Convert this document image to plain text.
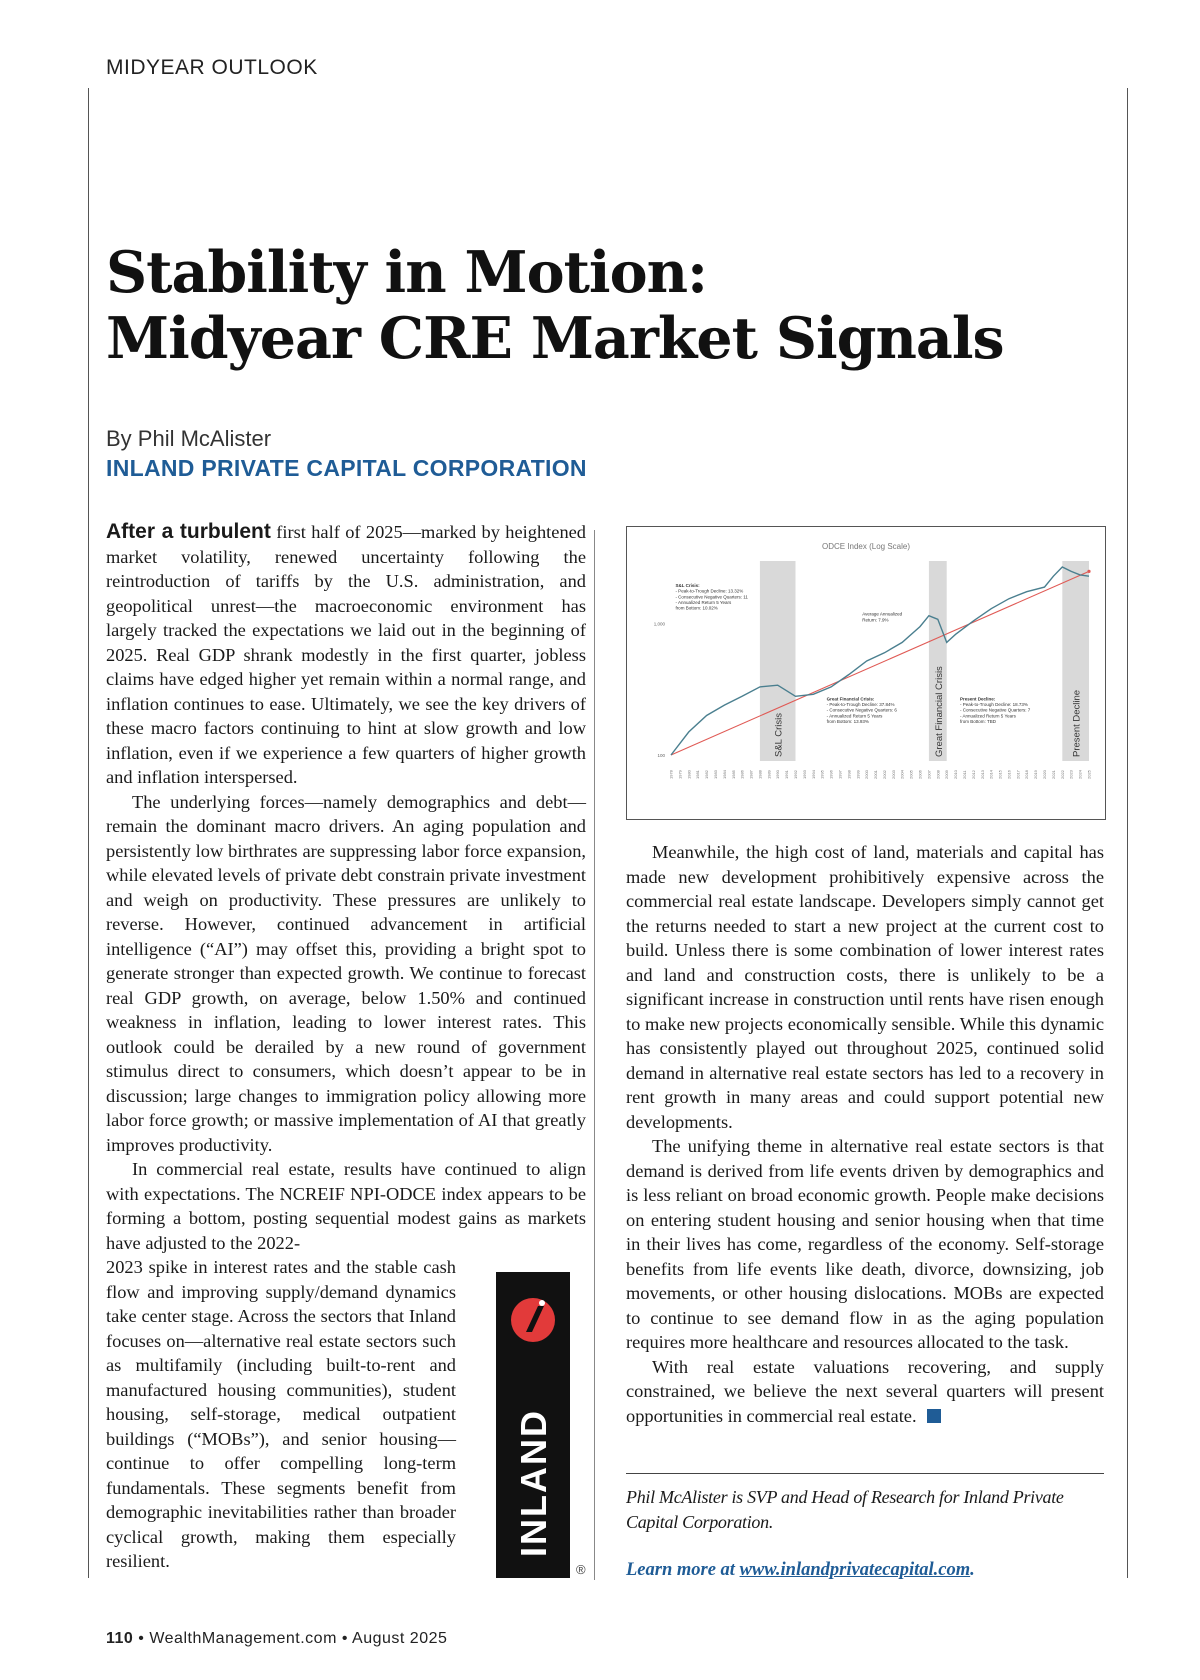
MIDYEAR OUTLOOK
Stability in Motion:
Midyear CRE Market Signals
By Phil McAlister
INLAND PRIVATE CAPITAL CORPORATION

After a turbulent first half of 2025—marked by heightened market volatility, renewed uncertainty following the reintroduction of tariffs by the U.S. administration, and geopolitical unrest—the macroeconomic environment has largely tracked the expectations we laid out in the beginning of 2025. Real GDP shrank modestly in the first quarter, jobless claims have edged higher yet remain within a normal range, and inflation continues to ease. Ultimately, we see the key drivers of these macro factors continuing to hint at slow growth and low inflation, even if we experience a few quarters of higher growth and inflation interspersed.

The underlying forces—namely demographics and debt—remain the dominant macro drivers. An aging population and persistently low birthrates are suppressing labor force expansion, while elevated levels of private debt constrain private investment and weigh on productivity. These pressures are unlikely to reverse. However, continued advancement in artificial intelligence (“AI”) may offset this, providing a bright spot to generate stronger than expected growth. We continue to forecast real GDP growth, on average, below 1.50% and continued weakness in inflation, leading to lower interest rates. This outlook could be derailed by a new round of government stimulus direct to consumers, which doesn’t appear to be in discussion; large changes to immigration policy allowing more labor force growth; or massive implementation of AI that greatly improves productivity.

In commercial real estate, results have continued to align with expectations. The NCREIF NPI-ODCE index appears to be forming a bottom, posting sequential modest gains as markets have adjusted to the 2022-

2023 spike in interest rates and the stable cash flow and improving supply/demand dynamics take center stage. Across the sectors that Inland focuses on—alternative real estate sectors such as multifamily (including built-to-rent and manufactured housing communities), student housing, self-storage, medical outpatient buildings (“MOBs”), and senior housing—continue to offer compelling long-term fundamentals. These segments benefit from demographic inevitabilities rather than broader cyclical growth, making them especially resilient.

S&L Crisis	Great Financial Crisis	Present Decline
100
1,000
1978 1979 1980 1981 1982 1983 1984 1985 1986 1987 1988 1989 1990 1991 1992 1993 1994 1995 1996 1997 1998 1999 2000 2001 2002 2003 2004 2005 2006 2007 2008 2009 2010 2011 2012 2013 2014 2015 2016 2017 2018 2019 2020 2021 2022 2023 2024 2025
S&L Crisis: - Peak-to-Trough Decline: 13.32% - Consecutive Negative Quarters: 11 - Annualized Return 5 Years from Bottom: 10.02%
Average Annualized Return: 7.9%
Great Financial Crisis: - Peak-to-Trough Decline: 37.84% - Consecutive Negative Quarters: 6 - Annualized Return 5 Years from Bottom: 13.93%
Present Decline: - Peak-to-Trough Decline: 18.73% - Consecutive Negative Quarters: 7 - Annualized Return 5 Years from Bottom: TBD
ODCE Index (Log Scale)

Meanwhile, the high cost of land, materials and capital has made new development prohibitively expensive across the commercial real estate landscape. Developers simply cannot get the returns needed to start a new project at the current cost to build. Unless there is some combination of lower interest rates and land and construction costs, there is unlikely to be a significant increase in construction until rents have risen enough to make new projects economically sensible. While this dynamic has consistently played out throughout 2025, continued solid demand in alternative real estate sectors has led to a recovery in rent growth in many areas and could support potential new developments.

The unifying theme in alternative real estate sectors is that demand is derived from life events driven by demographics and is less reliant on broad economic growth. People make decisions on entering student housing and senior housing when that time in their lives has come, regardless of the economy. Self-storage benefits from life events like death, divorce, downsizing, job movements, or other housing dislocations. MOBs are expected to continue to see demand flow in as the aging population requires more healthcare and resources allocated to the task.

With real estate valuations recovering, and supply constrained, we believe the next several quarters will present opportunities in commercial real estate.

Phil McAlister is SVP and Head of Research for Inland Private Capital Corporation.
Learn more at www.inlandprivatecapital.com.
INLAND
®
110 • WealthManagement.com • August 2025
